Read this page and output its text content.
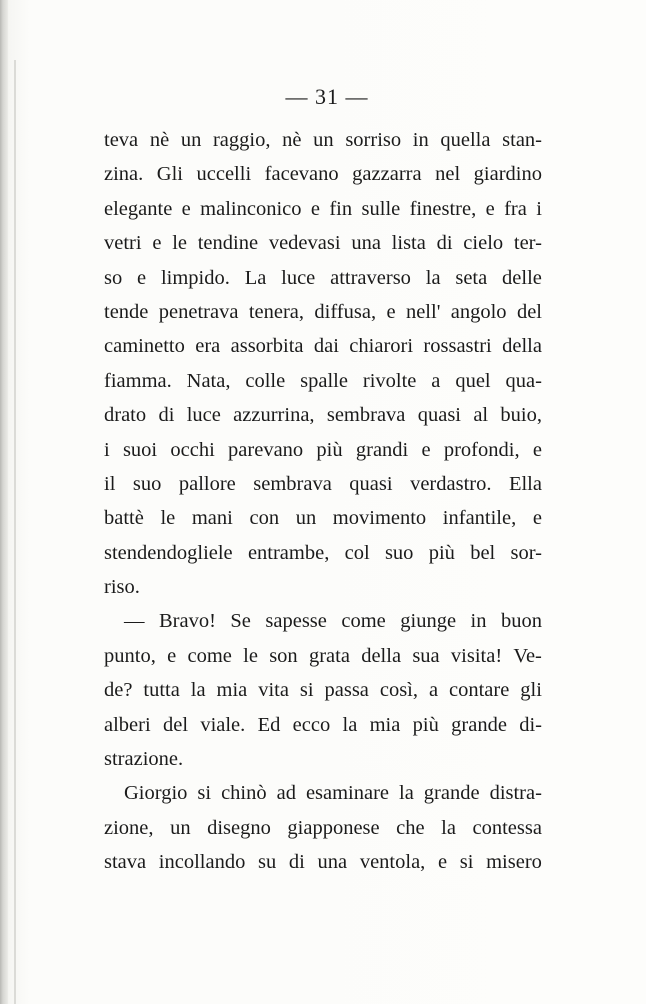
— 31 —
teva nè un raggio, nè un sorriso in quella stan-
zina. Gli uccelli facevano gazzarra nel giardino
elegante e malinconico e fin sulle finestre, e fra i
vetri e le tendine vedevasi una lista di cielo ter-
so e limpido. La luce attraverso la seta delle
tende penetrava tenera, diffusa, e nell' angolo del
caminetto era assorbita dai chiarori rossastri della
fiamma. Nata, colle spalle rivolte a quel qua-
drato di luce azzurrina, sembrava quasi al buio,
i suoi occhi parevano più grandi e profondi, e
il suo pallore sembrava quasi verdastro. Ella
battè le mani con un movimento infantile, e
stendendogliele entrambe, col suo più bel sor-
riso.
— Bravo! Se sapesse come giunge in buon
punto, e come le son grata della sua visita! Ve-
de? tutta la mia vita si passa così, a contare gli
alberi del viale. Ed ecco la mia più grande di-
strazione.
Giorgio si chinò ad esaminare la grande distra-
zione, un disegno giapponese che la contessa
stava incollando su di una ventola, e si misero
